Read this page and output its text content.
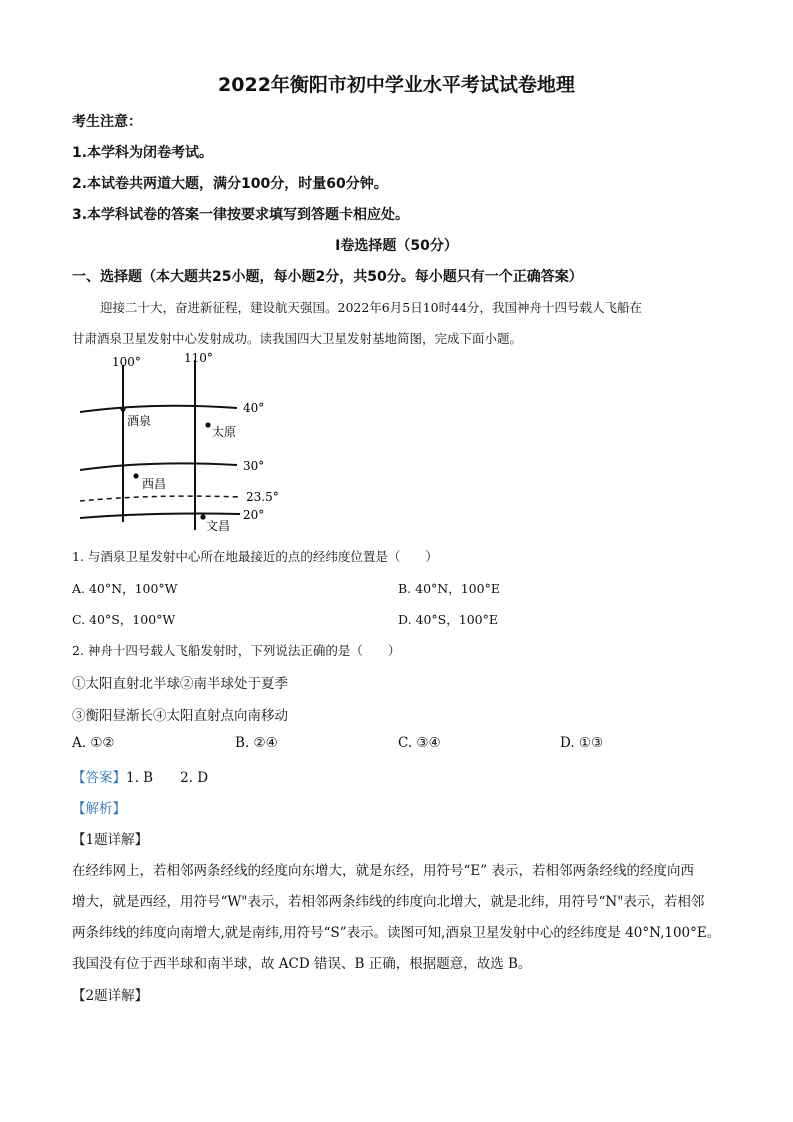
2022年衡阳市初中学业水平考试试卷地理
考生注意：
1.本学科为闭卷考试。
2.本试卷共两道大题，满分100分，时量60分钟。
3.本学科试卷的答案一律按要求填写到答题卡相应处。
Ⅰ卷选择题（50分）
一、选择题（本大题共25小题，每小题2分，共50分。每小题只有一个正确答案）
迎接二十大，奋进新征程，建设航天强国。2022年6月5日10时44分，我国神舟十四号载人飞船在
甘肃酒泉卫星发射中心发射成功。读我国四大卫星发射基地简图，完成下面小题。
100°	110°
40°
30°
23.5°
20°
酒泉
太原
西昌
文昌
1. 与酒泉卫星发射中心所在地最接近的点的经纬度位置是（　　）
A. 40°N，100°W	B. 40°N，100°E
C. 40°S，100°W	D. 40°S，100°E
2. 神舟十四号载人飞船发射时，下列说法正确的是（　　）
①太阳直射北半球②南半球处于夏季
③衡阳昼渐长④太阳直射点向南移动
A. ①②	B. ②④	C. ③④	D. ①③
【答案】1. B　　2. D
【解析】
【1题详解】
在经纬网上，若相邻两条经线的经度向东增大，就是东经，用符号“E” 表示，若相邻两条经线的经度向西
增大，就是西经，用符号“W"表示，若相邻两条纬线的纬度向北增大，就是北纬，用符号“N"表示，若相邻
两条纬线的纬度向南增大,就是南纬,用符号“S”表示。读图可知,酒泉卫星发射中心的经纬度是 40°N,100°E。
我国没有位于西半球和南半球，故 ACD 错误、B 正确，根据题意，故选 B。
【2题详解】
